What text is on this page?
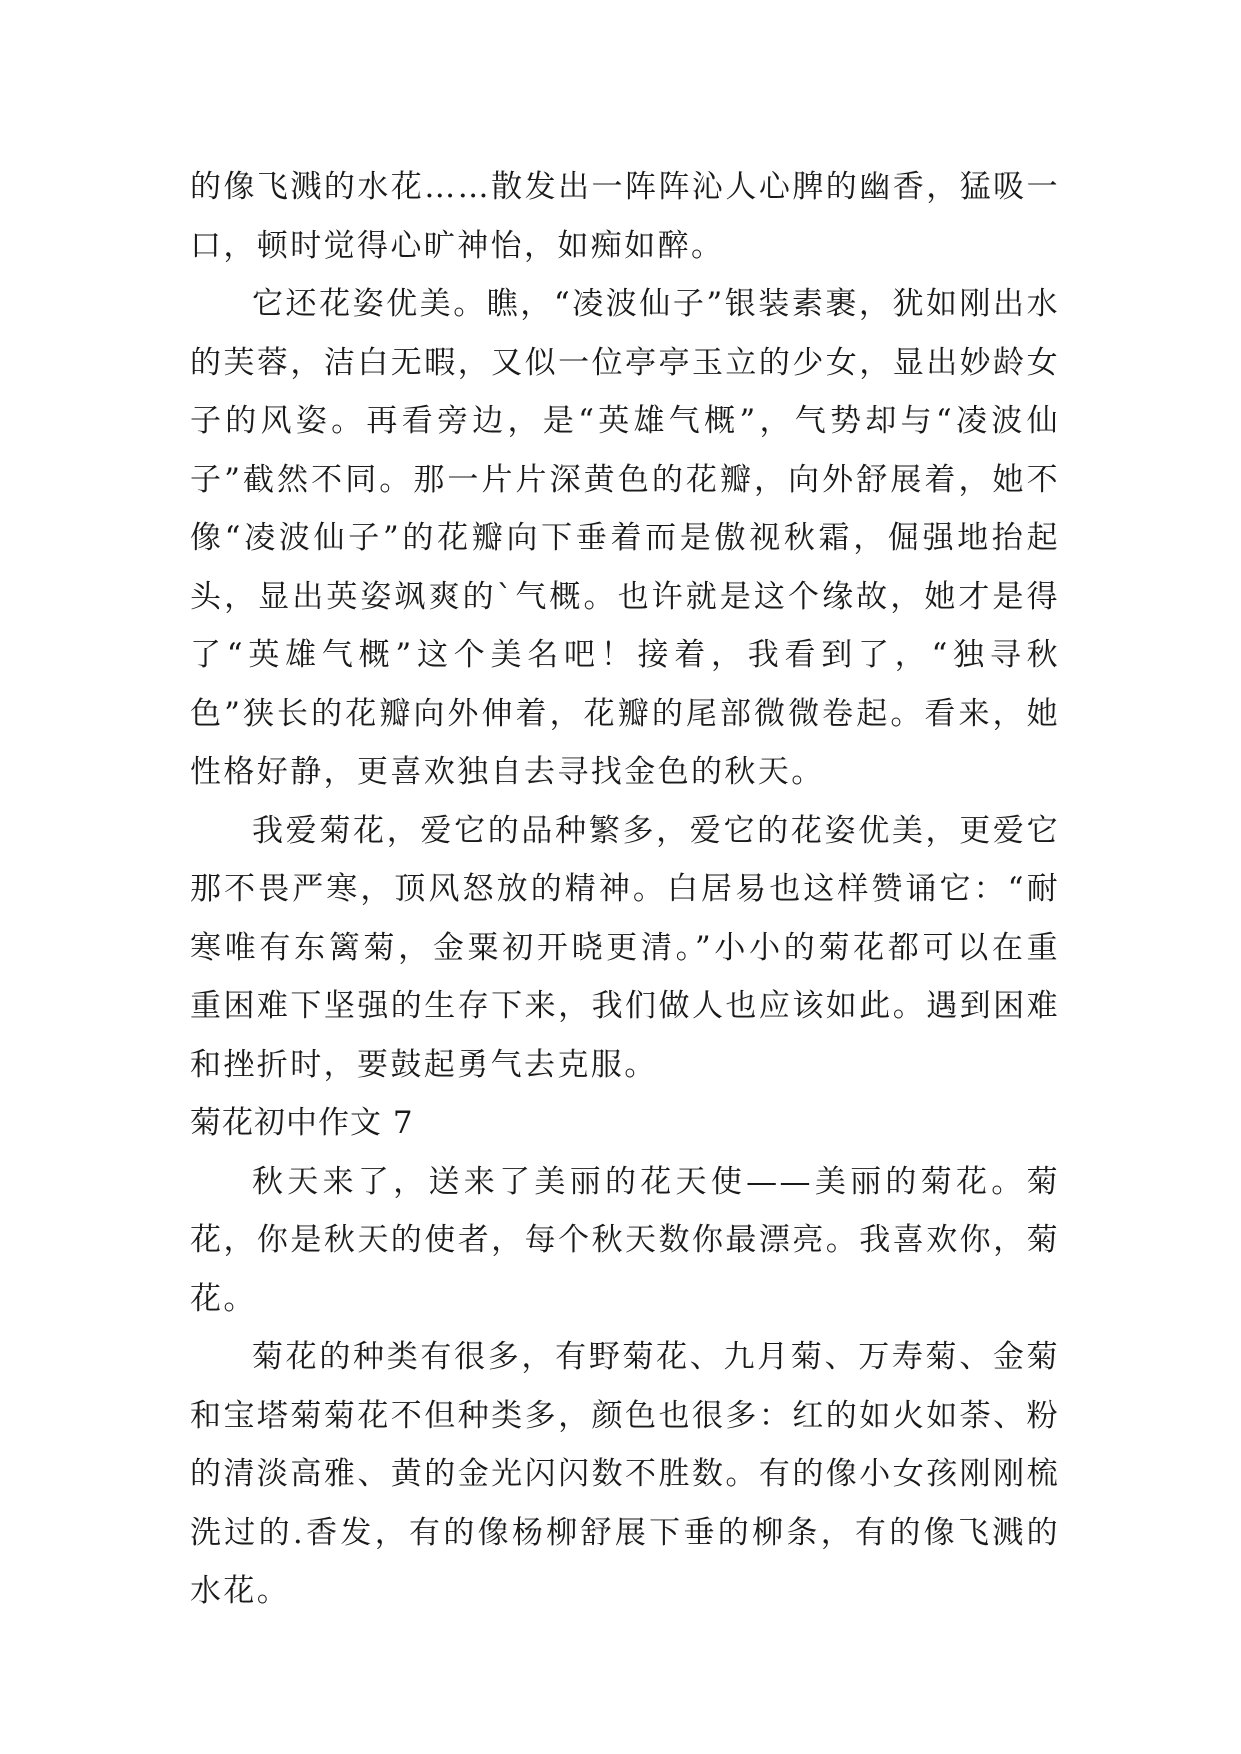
的像飞溅的水花……散发出一阵阵沁人心脾的幽香，猛吸一口，顿时觉得心旷神怡，如痴如醉。

它还花姿优美。瞧，“凌波仙子”银装素裹，犹如刚出水的芙蓉，洁白无暇，又似一位亭亭玉立的少女，显出妙龄女子的风姿。再看旁边，是“英雄气概”，气势却与“凌波仙子”截然不同。那一片片深黄色的花瓣，向外舒展着，她不像“凌波仙子”的花瓣向下垂着而是傲视秋霜，倔强地抬起头，显出英姿飒爽的`气概。也许就是这个缘故，她才是得了“英雄气概”这个美名吧！接着，我看到了，“独寻秋色”狭长的花瓣向外伸着，花瓣的尾部微微卷起。看来，她性格好静，更喜欢独自去寻找金色的秋天。

我爱菊花，爱它的品种繁多，爱它的花姿优美，更爱它那不畏严寒，顶风怒放的精神。白居易也这样赞诵它：“耐寒唯有东篱菊，金粟初开晓更清。”小小的菊花都可以在重重困难下坚强的生存下来，我们做人也应该如此。遇到困难和挫折时，要鼓起勇气去克服。

菊花初中作文 7

秋天来了，送来了美丽的花天使——美丽的菊花。菊花，你是秋天的使者，每个秋天数你最漂亮。我喜欢你，菊花。

菊花的种类有很多，有野菊花、九月菊、万寿菊、金菊和宝塔菊菊花不但种类多，颜色也很多：红的如火如荼、粉的清淡高雅、黄的金光闪闪数不胜数。有的像小女孩刚刚梳洗过的.香发，有的像杨柳舒展下垂的柳条，有的像飞溅的水花。
